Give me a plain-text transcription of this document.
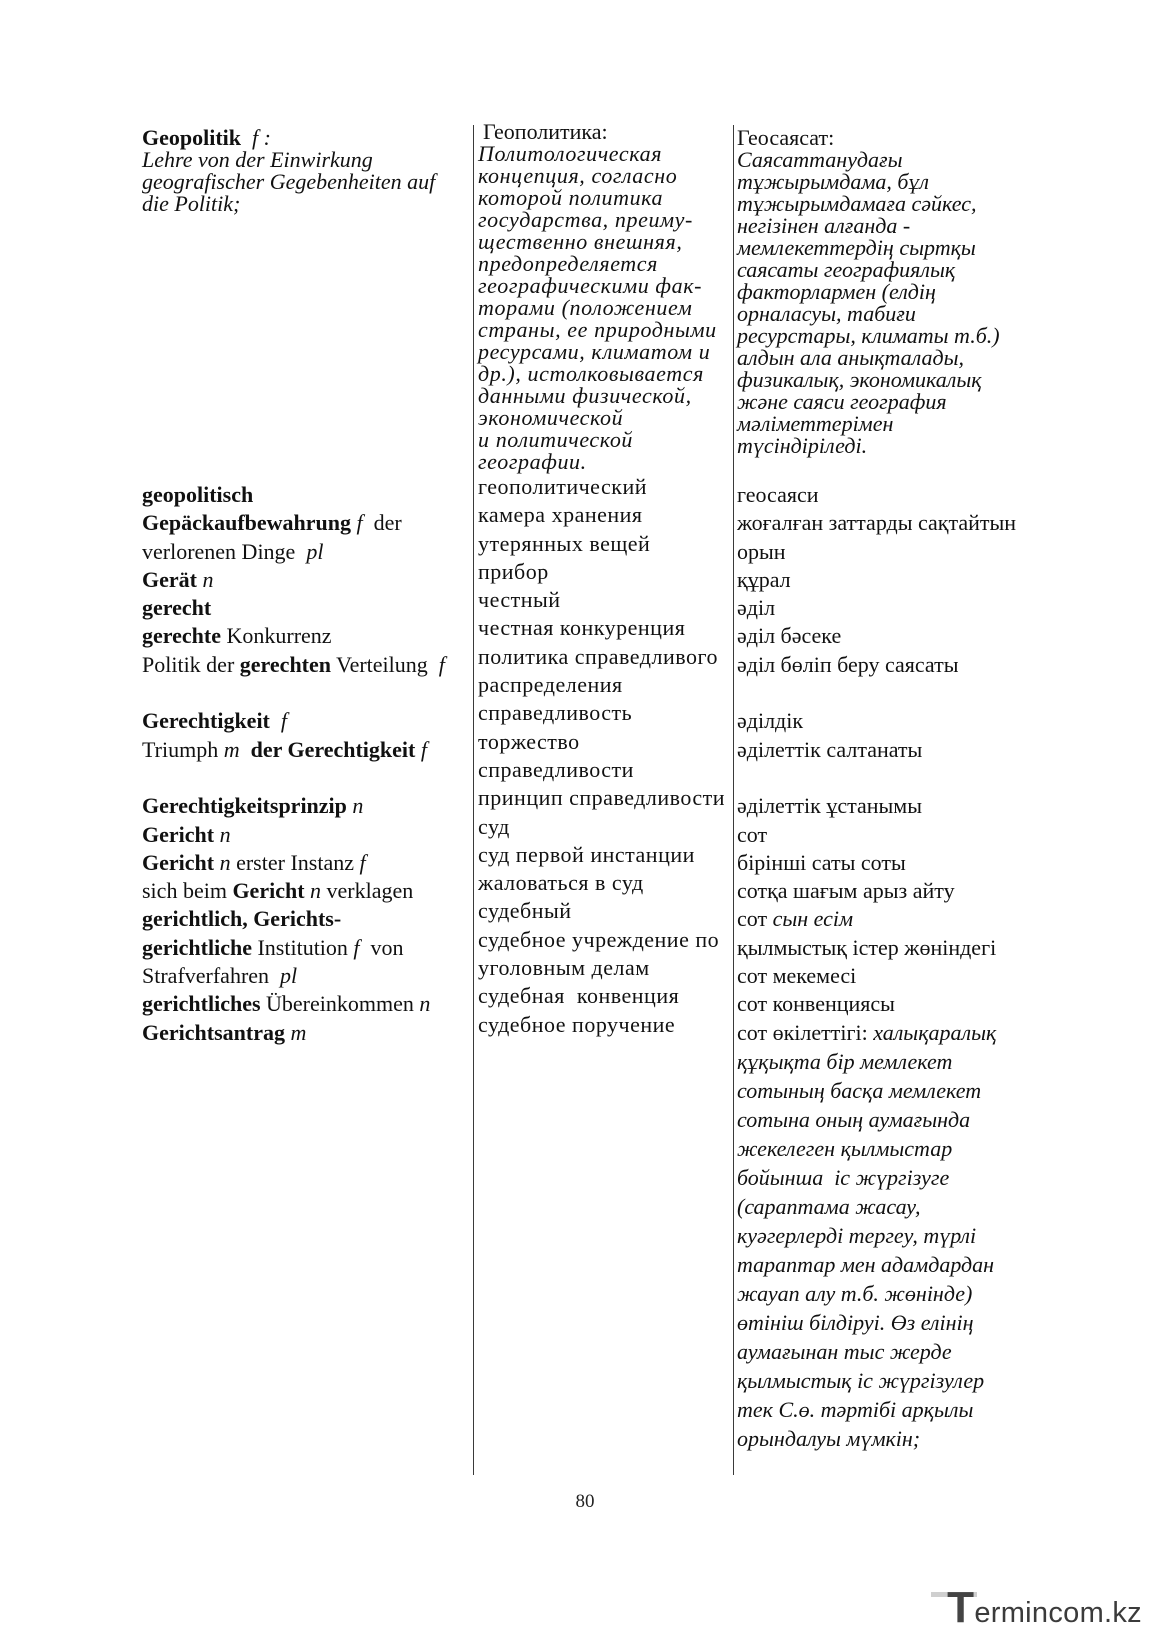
Geopolitik  f :
Lehre von der Einwirkung
geografischer Gegebenheiten auf
die Politik;
Геополитика:
Политологическая
концепция, согласно
которой политика
государства, преиму-
щественно внешняя,
предопределяется
географическими фак-
торами (положением
страны, ее природными
ресурсами, климатом и
др.), истолковывается
данными физической,
экономической
и политической
географии.
Геосаясат:
Саясаттанудағы
тұжырымдама, бұл
тұжырымдамаға сәйкес,
негізінен алғанда -
мемлекеттердің сыртқы
саясаты географиялық
факторлармен (елдің
орналасуы, табиғи
ресурстары, климаты т.б.)
алдын ала анықталады,
физикалық, экономикалық
және саяси география
мәліметтерімен
түсіндіріледі.
geopolitisch
Gepäckaufbewahrung f  der
verlorenen Dinge  pl
Gerät n
gerecht
gerechte Konkurrenz
Politik der gerechten Verteilung  f
Gerechtigkeit  f
Triumph m  der Gerechtigkeit f
Gerechtigkeitsprinzip n
Gericht n
Gericht n erster Instanz f
sich beim Gericht n verklagen
gerichtlich, Gerichts-
gerichtliche Institution f  von
Strafverfahren  pl
gerichtliches Übereinkommen n
Gerichtsantrag m
геополитический
камера хранения
утерянных вещей
прибор
честный
честная конкуренция
политика справедливого
распределения
справедливость
торжество
справедливости
принцип справедливости
суд
суд первой инстанции
жаловаться в суд
судебный
судебное учреждение по
уголовным делам
судебная  конвенция
судебное поручение
геосаяси
жоғалған заттарды сақтайтын
орын
құрал
әділ
әділ бәсеке
әділ бөліп беру саясаты
әділдік
әділеттік салтанаты
әділеттік ұстанымы
сот
бірінші саты соты
сотқа шағым арыз айту
сот сын есім
қылмыстық істер жөніндегі
сот мекемесі
сот конвенциясы
сот өкілеттігі: халықаралық
құқықта бір мемлекет
сотының басқа мемлекет
сотына оның аумағында
жекелеген қылмыстар
бойынша  іс жүргізуге
(сараптама жасау,
куәгерлерді тергеу, түрлі
тараптар мен адамдардан
жауап алу т.б. жөнінде)
өтініш білдіруі. Өз елінің
аумағынан тыс жерде
қылмыстық іс жүргізулер
тек С.ө. тәртібі арқылы
орындалуы мүмкін;
80
Termincom.kz
